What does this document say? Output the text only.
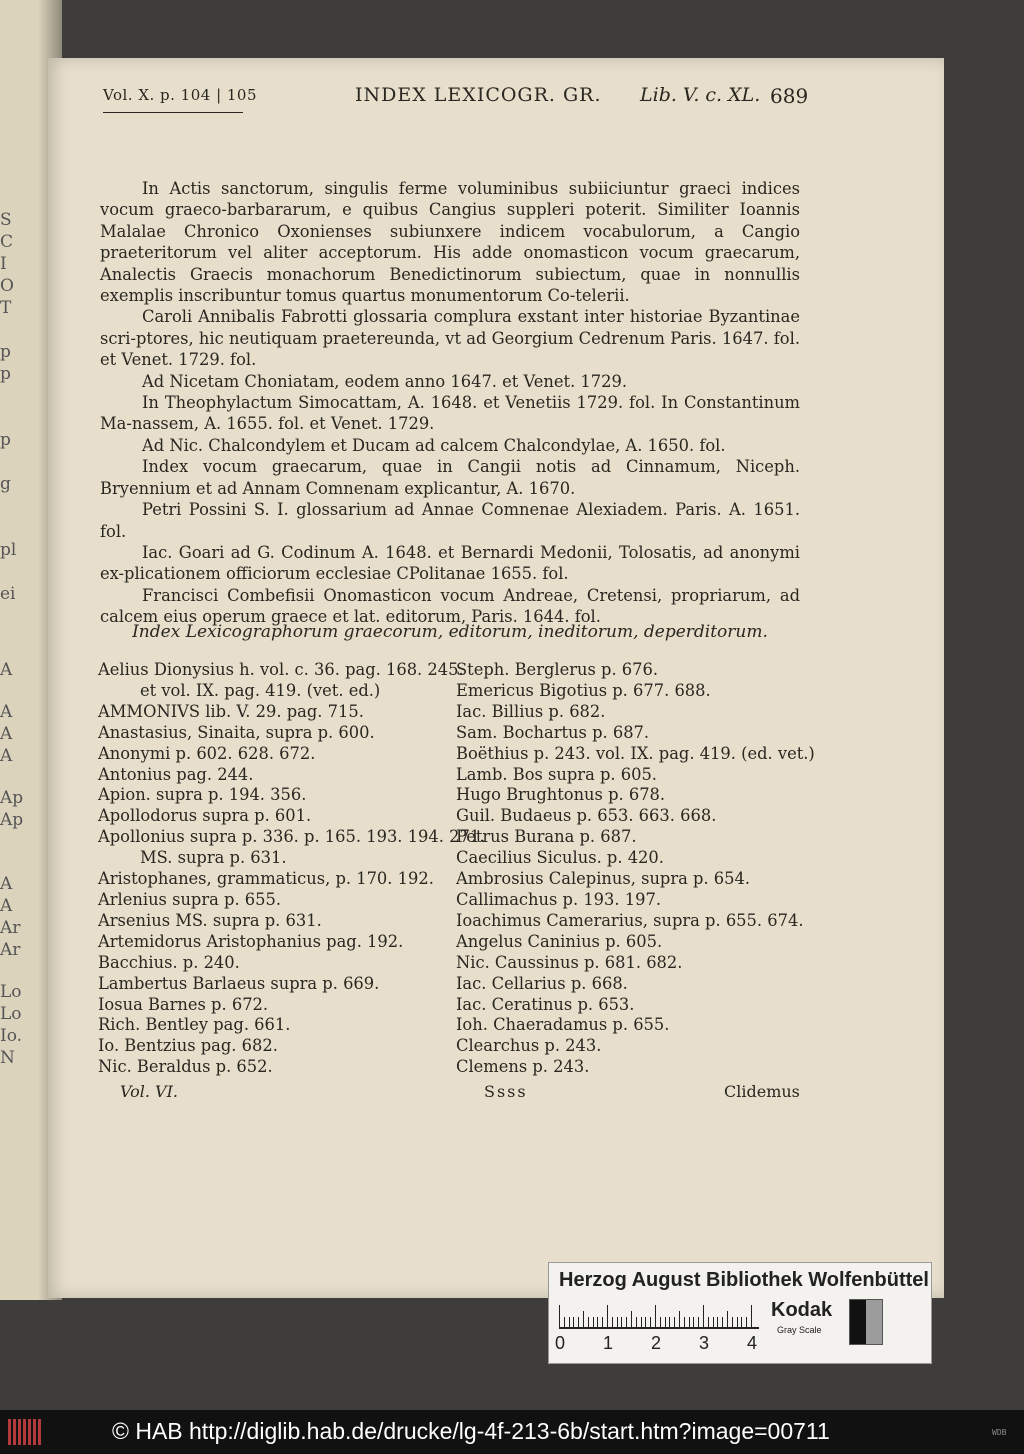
S
C
I
O
T
p
p
p
g
pl
ei
A
A
A
A
Ap
Ap
A
A
Ar
Ar
Lo
Lo
Io.
N
Vol. X. p. 104 | 105	INDEX LEXICOGR. GR. Lib. V. c. XL. 689

In Actis sanctorum, singulis ferme voluminibus subiiciuntur graeci indices vocum graeco-barbararum, e quibus Cangius suppleri poterit. Similiter Ioannis Malalae Chronico Oxonienses subiunxere indicem vocabulorum, a Cangio praeteritorum vel aliter acceptorum. His adde onomasticon vocum graecarum, Analectis Graecis monachorum Benedictinorum subiectum, quae in nonnullis exemplis inscribuntur tomus quartus monumentorum Co-telerii.

Caroli Annibalis Fabrotti glossaria complura exstant inter historiae Byzantinae scri-ptores, hic neutiquam praetereunda, vt ad Georgium Cedrenum Paris. 1647. fol. et Venet. 1729. fol.

Ad Nicetam Choniatam, eodem anno 1647. et Venet. 1729.

In Theophylactum Simocattam, A. 1648. et Venetiis 1729. fol. In Constantinum Ma-nassem, A. 1655. fol. et Venet. 1729.

Ad Nic. Chalcondylem et Ducam ad calcem Chalcondylae, A. 1650. fol.

Index vocum graecarum, quae in Cangii notis ad Cinnamum, Niceph. Bryennium et ad Annam Comnenam explicantur, A. 1670.

Petri Possini S. I. glossarium ad Annae Comnenae Alexiadem. Paris. A. 1651. fol.

Iac. Goari ad G. Codinum A. 1648. et Bernardi Medonii, Tolosatis, ad anonymi ex-plicationem officiorum ecclesiae CPolitanae 1655. fol.

Francisci Combefisii Onomasticon vocum Andreae, Cretensi, propriarum, ad calcem eius operum graece et lat. editorum, Paris. 1644. fol.

Index Lexicographorum graecorum, editorum, ineditorum, deperditorum.
Aelius Dionysius h. vol. c. 36. pag. 168. 245.
et vol. IX. pag. 419. (vet. ed.)
AMMONIVS lib. V. 29. pag. 715.
Anastasius, Sinaita, supra p. 600.
Anonymi p. 602. 628. 672.
Antonius pag. 244.
Apion. supra p. 194. 356.
Apollodorus supra p. 601.
Apollonius supra p. 336. p. 165. 193. 194. 271.
MS. supra p. 631.
Aristophanes, grammaticus, p. 170. 192.
Arlenius supra p. 655.
Arsenius MS. supra p. 631.
Artemidorus Aristophanius pag. 192.
Bacchius. p. 240.
Lambertus Barlaeus supra p. 669.
Iosua Barnes p. 672.
Rich. Bentley pag. 661.
Io. Bentzius pag. 682.
Nic. Beraldus p. 652.
Steph. Berglerus p. 676.
Emericus Bigotius p. 677. 688.
Iac. Billius p. 682.
Sam. Bochartus p. 687.
Boëthius p. 243. vol. IX. pag. 419. (ed. vet.)
Lamb. Bos supra p. 605.
Hugo Brughtonus p. 678.
Guil. Budaeus p. 653. 663. 668.
Petrus Burana p. 687.
Caecilius Siculus. p. 420.
Ambrosius Calepinus, supra p. 654.
Callimachus p. 193. 197.
Ioachimus Camerarius, supra p. 655. 674.
Angelus Caninius p. 605.
Nic. Caussinus p. 681. 682.
Iac. Cellarius p. 668.
Iac. Ceratinus p. 653.
Ioh. Chaeradamus p. 655.
Clearchus p. 243.
Clemens p. 243.
Vol. VI.	Ssss	Clidemus
Herzog August Bibliothek Wolfenbüttel
0 1 2 3 4
Kodak
Gray Scale
© HAB http://diglib.hab.de/drucke/lg-4f-213-6b/start.htm?image=00711	WDB
